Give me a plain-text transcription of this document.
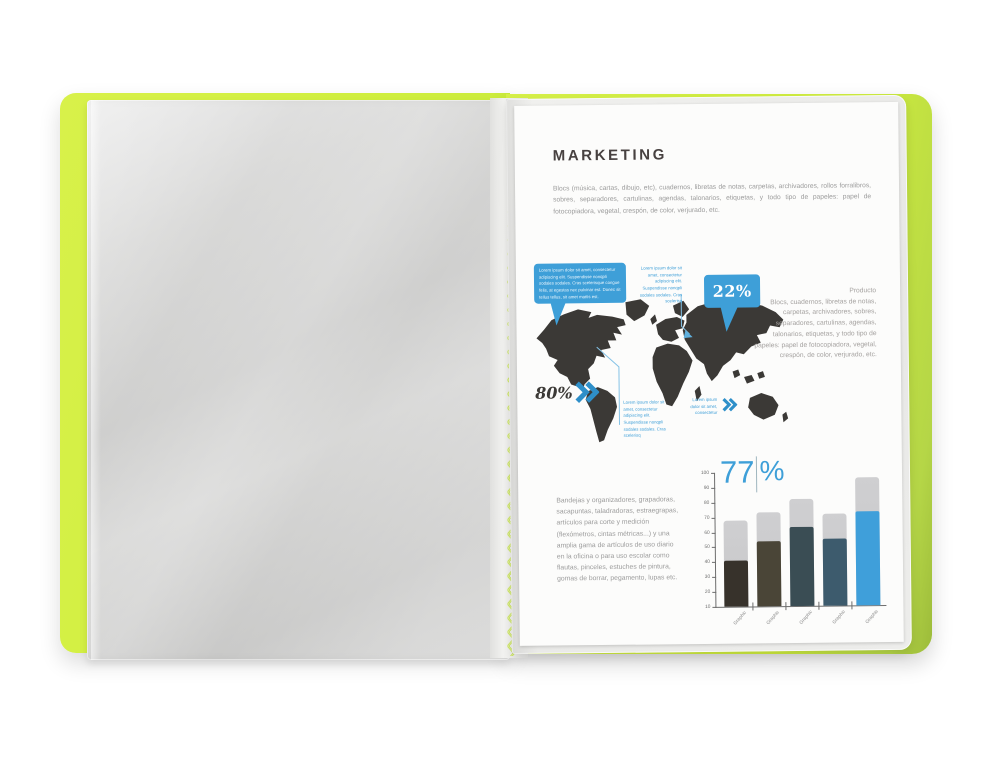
MARKETING

Blocs (música, cartas, dibujo, etc), cuadernos, libretas de notas, carpetas, archivadores, rollos forralibros, sobres, separadores, cartulinas, agendas, talonarios, etiquetas, y todo tipo de papeles: papel de fotocopiadora, vegetal, crespón, de color, verjurado, etc.

Lorem ipsum dolor sit amet, consectetur adipiscing elit. Suspendisse nonqpli sodales sodales. Cras scelerisque congue felis, at egestas nec pulvinar est. Donec sit tellus tellus, sit amet mattis est.
Lorem ipsum dolor sit amet, consectetur adipiscing elit. Suspendisse nonqpli sodales sodales. Cras scelerisq
22%
80%	Lorem ipsum dolor sit amet, consectetur adipiscing elit. Suspendisse nonqpli sodales sodales. Cras scelerisq
Lorem ipsum dolor sit amet, consectetur
Producto
Blocs, cuadernos, libretas de notas, carpetas, archivadores, sobres, separadores, cartulinas, agendas, talonarios, etiquetas, y todo tipo de papeles: papel de fotocopiadora, vegetal, crespón, de color, verjurado, etc.

Bandejas y organizadores, grapadoras, sacapuntas, taladradoras, estraegrapas, artículos para corte y medición (flexómetros, cintas métricas...) y una amplia gama de artículos de uso diario en la oficina o para uso escolar como flautas, pinceles, estuches de pintura, gomas de borrar, pegamento, lupas etc.

77 %
10
20
30
40
50
60
70
80
90
100
Graphic	Graphic	Graphic	Graphic	Graphic
